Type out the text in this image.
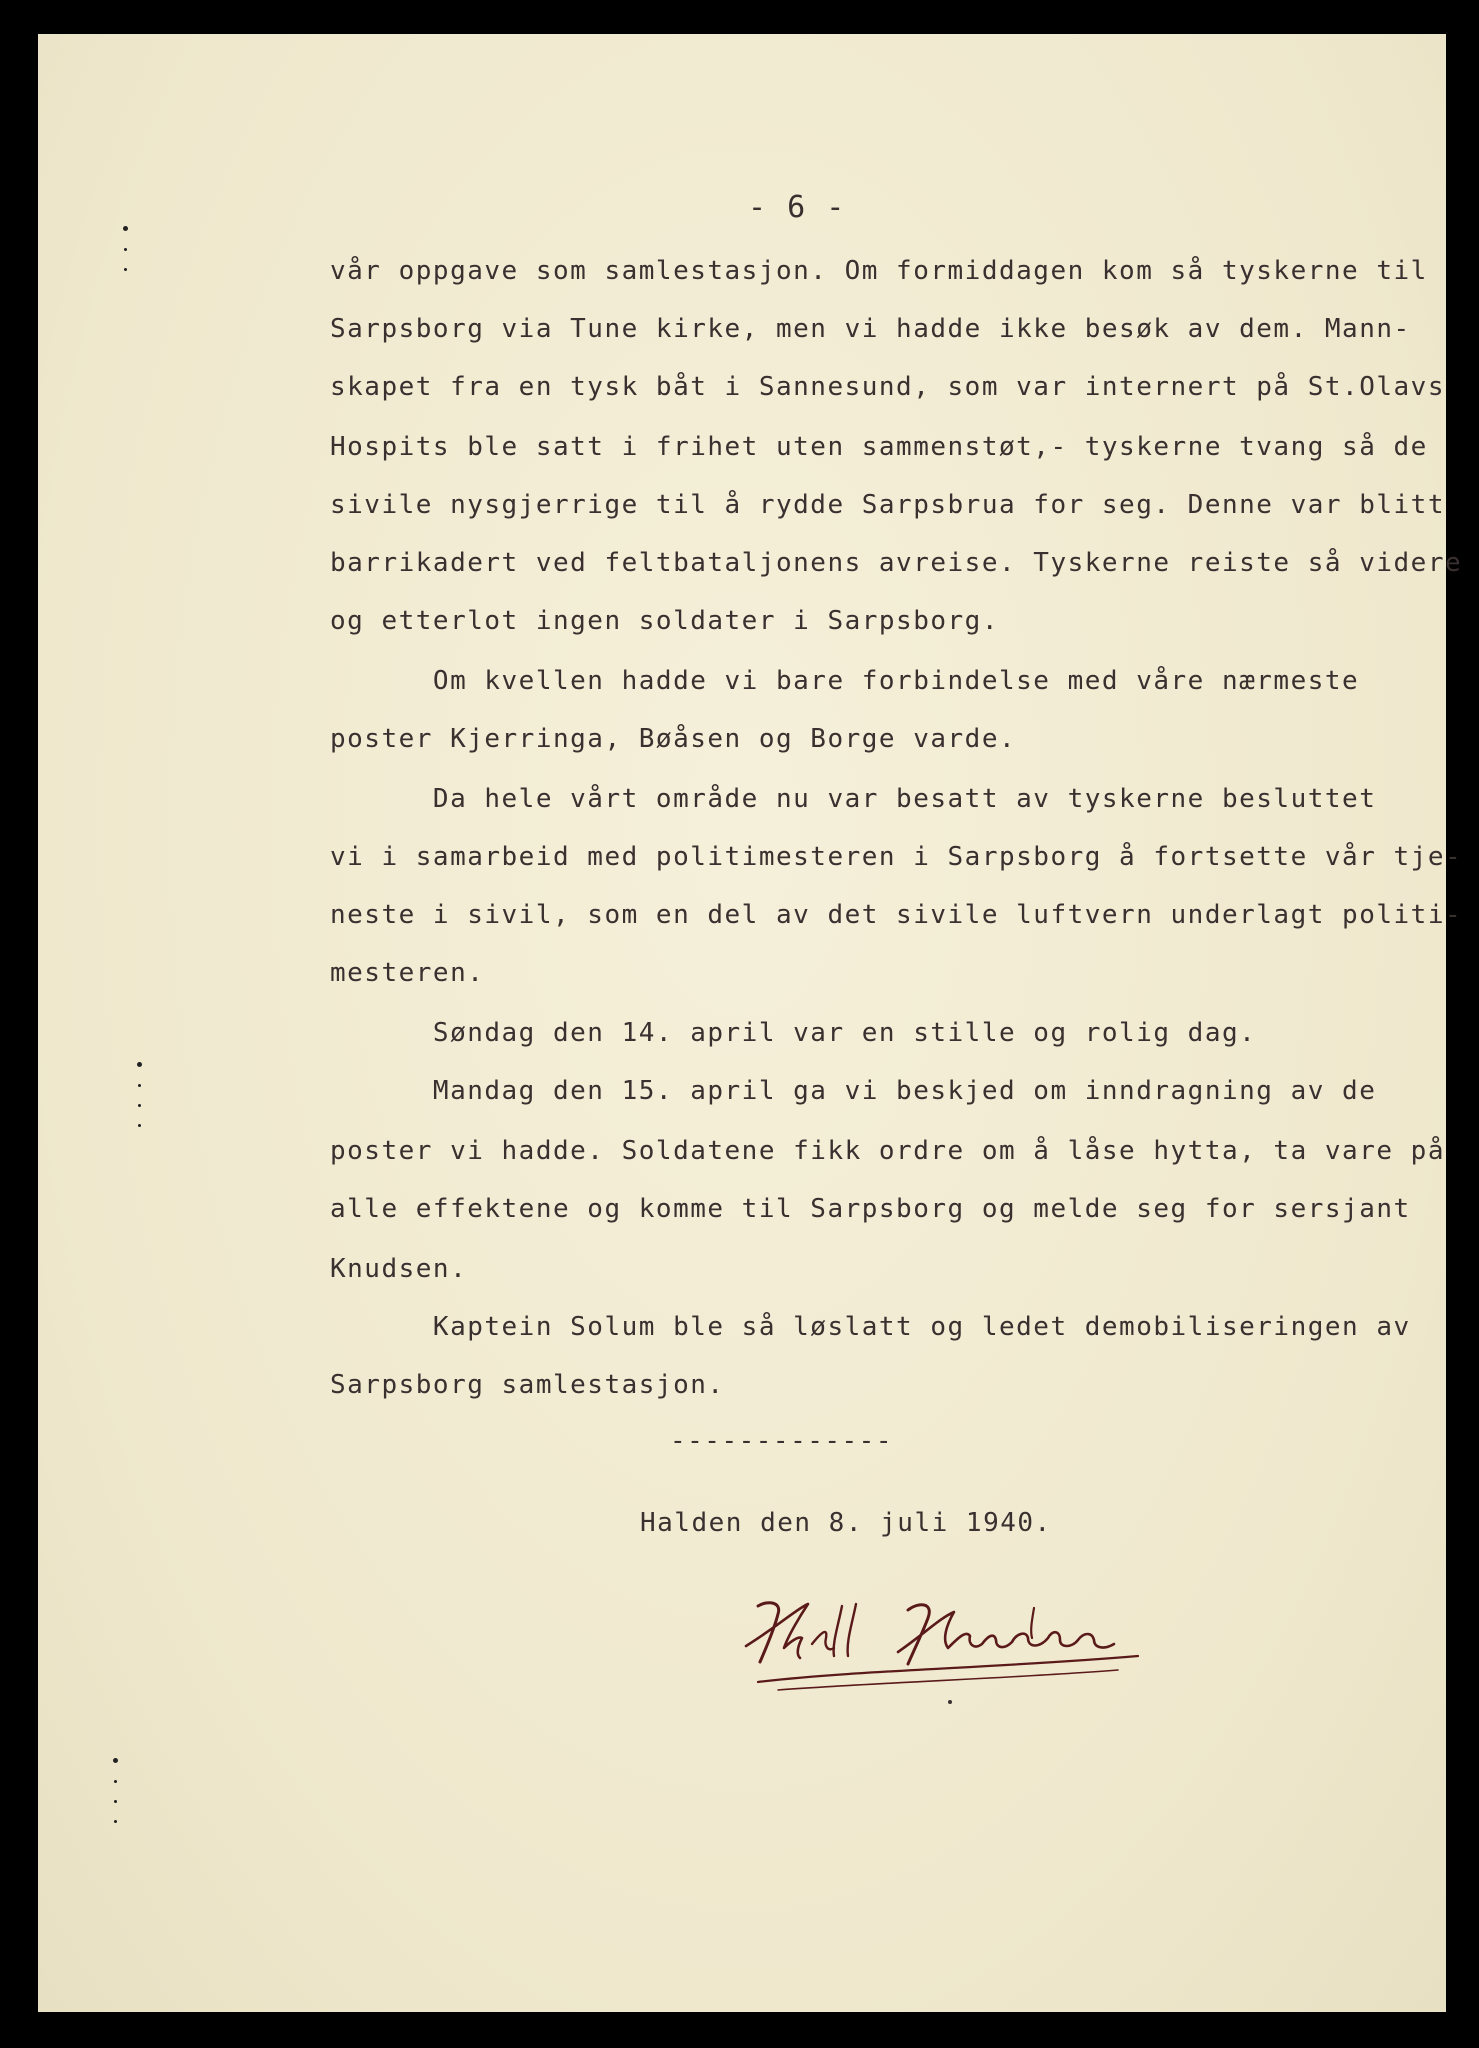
- 6 -
vår oppgave som samlestasjon. Om formiddagen kom så tyskerne til
Sarpsborg via Tune kirke, men vi hadde ikke besøk av dem. Mann-
skapet fra en tysk båt i Sannesund, som var internert på St.Olavs
Hospits ble satt i frihet uten sammenstøt,- tyskerne tvang så de
sivile nysgjerrige til å rydde Sarpsbrua for seg. Denne var blitt
barrikadert ved feltbataljonens avreise. Tyskerne reiste så videre
og etterlot ingen soldater i Sarpsborg.
Om kvellen hadde vi bare forbindelse med våre nærmeste
poster Kjerringa, Bøåsen og Borge varde.
Da hele vårt område nu var besatt av tyskerne besluttet
vi i samarbeid med politimesteren i Sarpsborg å fortsette vår tje-
neste i sivil, som en del av det sivile luftvern underlagt politi-
mesteren.
Søndag den 14. april var en stille og rolig dag.
Mandag den 15. april ga vi beskjed om inndragning av de
poster vi hadde. Soldatene fikk ordre om å låse hytta, ta vare på
alle effektene og komme til Sarpsborg og melde seg for sersjant
Knudsen.
Kaptein Solum ble så løslatt og ledet demobiliseringen av
Sarpsborg samlestasjon.
-------------
Halden den 8. juli 1940.
